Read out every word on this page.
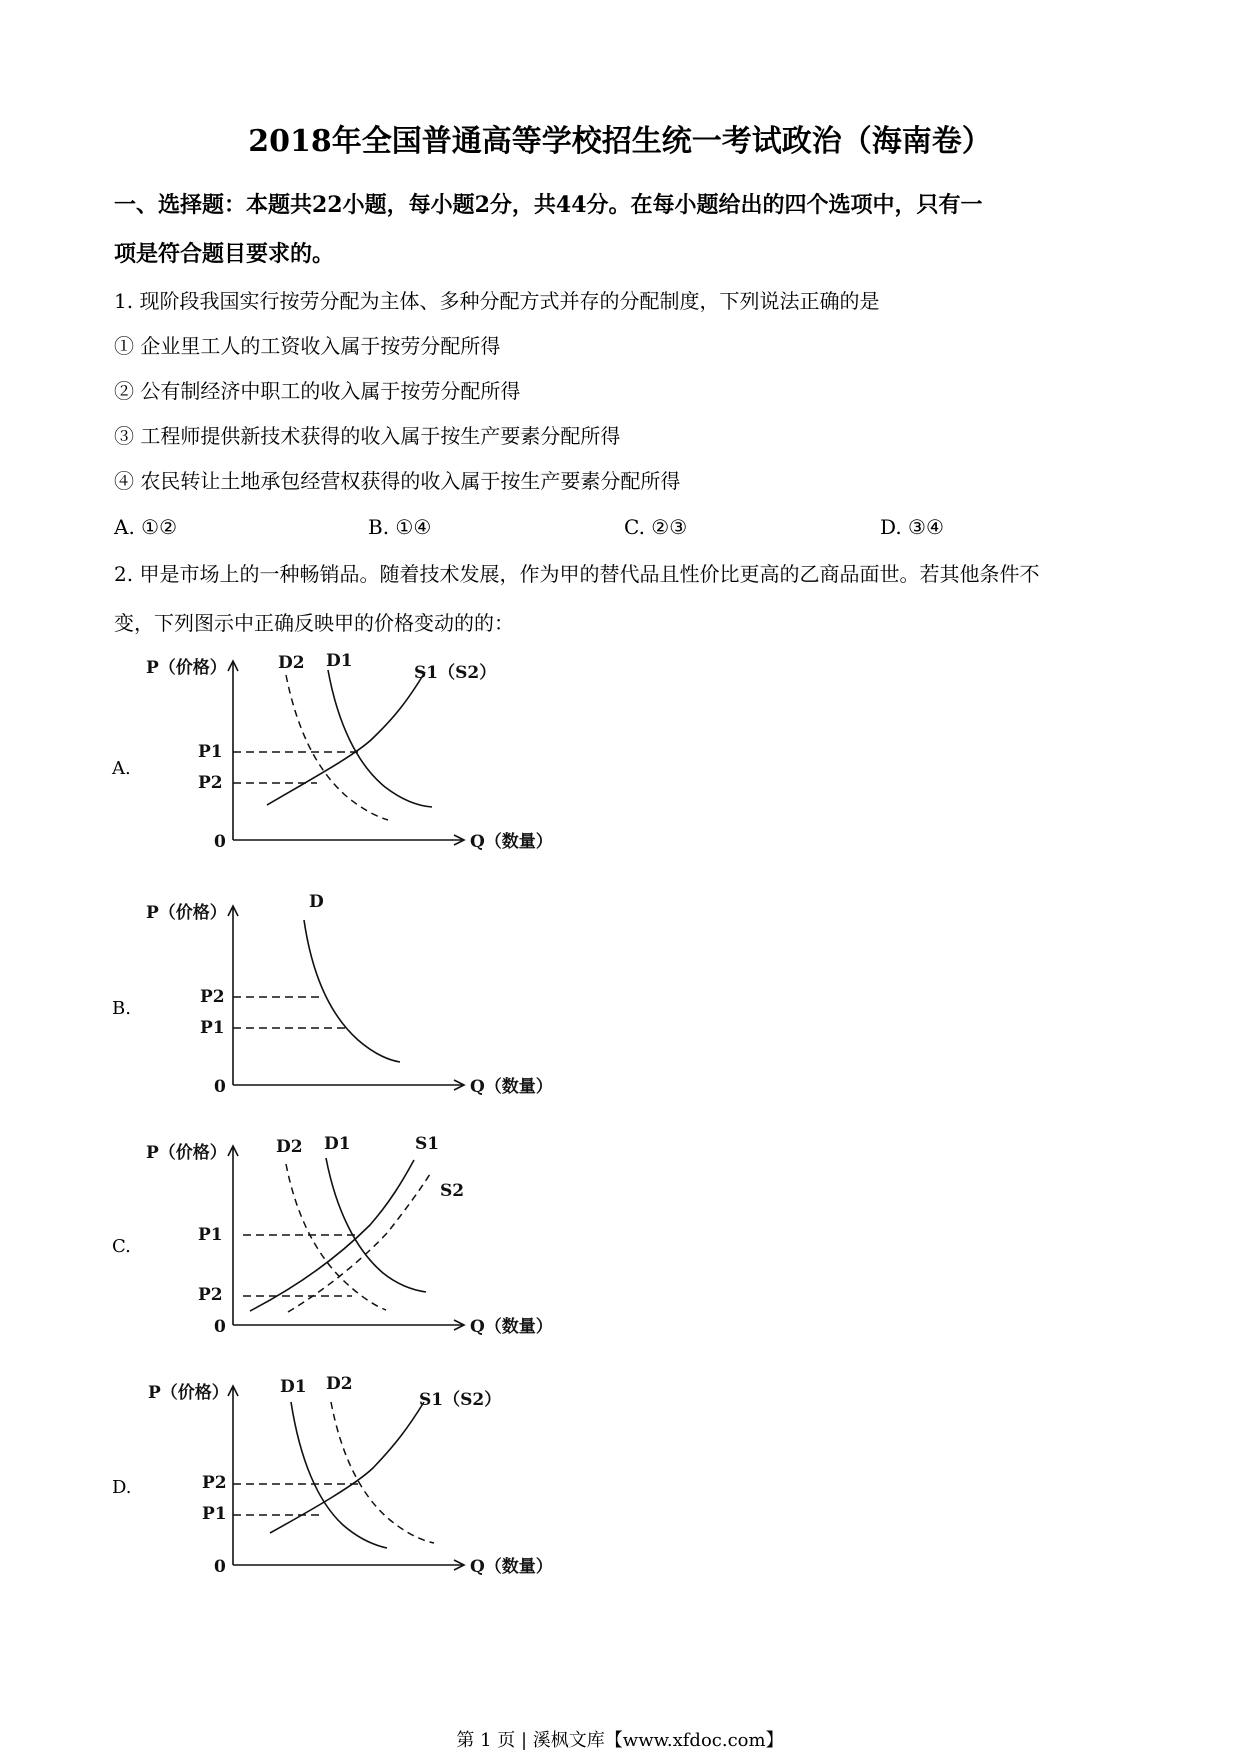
2018年全国普通高等学校招生统一考试政治（海南卷）
一、选择题：本题共22小题，每小题2分，共44分。在每小题给出的四个选项中，只有一
项是符合题目要求的。
1. 现阶段我国实行按劳分配为主体、多种分配方式并存的分配制度，下列说法正确的是
① 企业里工人的工资收入属于按劳分配所得
② 公有制经济中职工的收入属于按劳分配所得
③ 工程师提供新技术获得的收入属于按生产要素分配所得
④ 农民转让土地承包经营权获得的收入属于按生产要素分配所得
A. ①②	B. ①④	C. ②③	D. ③④
2. 甲是市场上的一种畅销品。随着技术发展，作为甲的替代品且性价比更高的乙商品面世。若其他条件不
变，下列图示中正确反映甲的价格变动的的：
A.
P（价格）
Q（数量）
0
D2 D1
S1（S2）
P1
P2
B.
P（价格）
Q（数量）
0
D
P2
P1
C.
P（价格）
Q（数量）
0
D2 D1	S1
S2
P1
P2
D.
P（价格）
Q（数量）
0
D1 D2
S1（S2）
P2
P1
第 1 页 | 溪枫文库【www.xfdoc.com】
